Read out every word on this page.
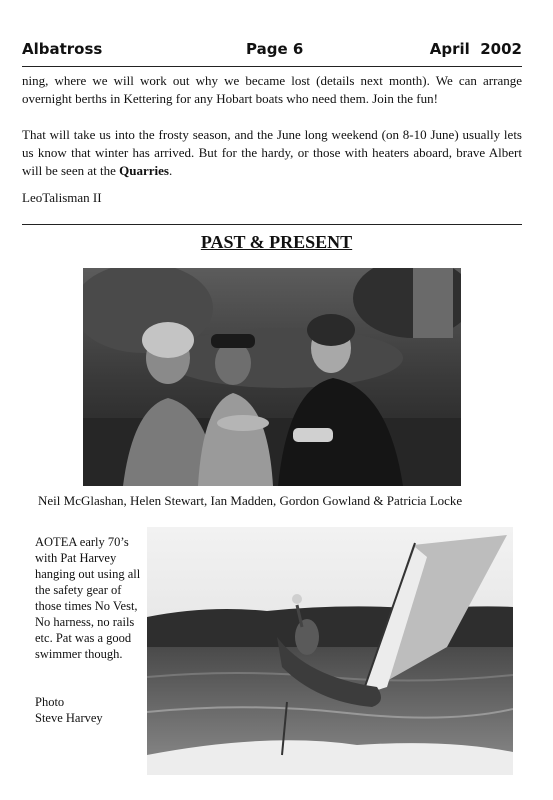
Albatross	Page 6	April  2002
ning, where we will work out why we became lost (details next month). We can arrange overnight berths in Kettering for any Hobart boats who need them. Join the fun!
That will take us into the frosty season, and the June long weekend (on 8-10 June) usually lets us know that winter has arrived. But for the hardy, or those with heaters aboard, brave Albert will be seen at the Quarries.
LeoTalisman II
PAST & PRESENT
Neil McGlashan, Helen Stewart, Ian Madden, Gordon Gowland & Patricia Locke
AOTEA early 70’s with Pat Harvey hanging out using all the safety gear of those times No Vest, No harness, no rails etc. Pat was a good swimmer though.
Photo
Steve Harvey
